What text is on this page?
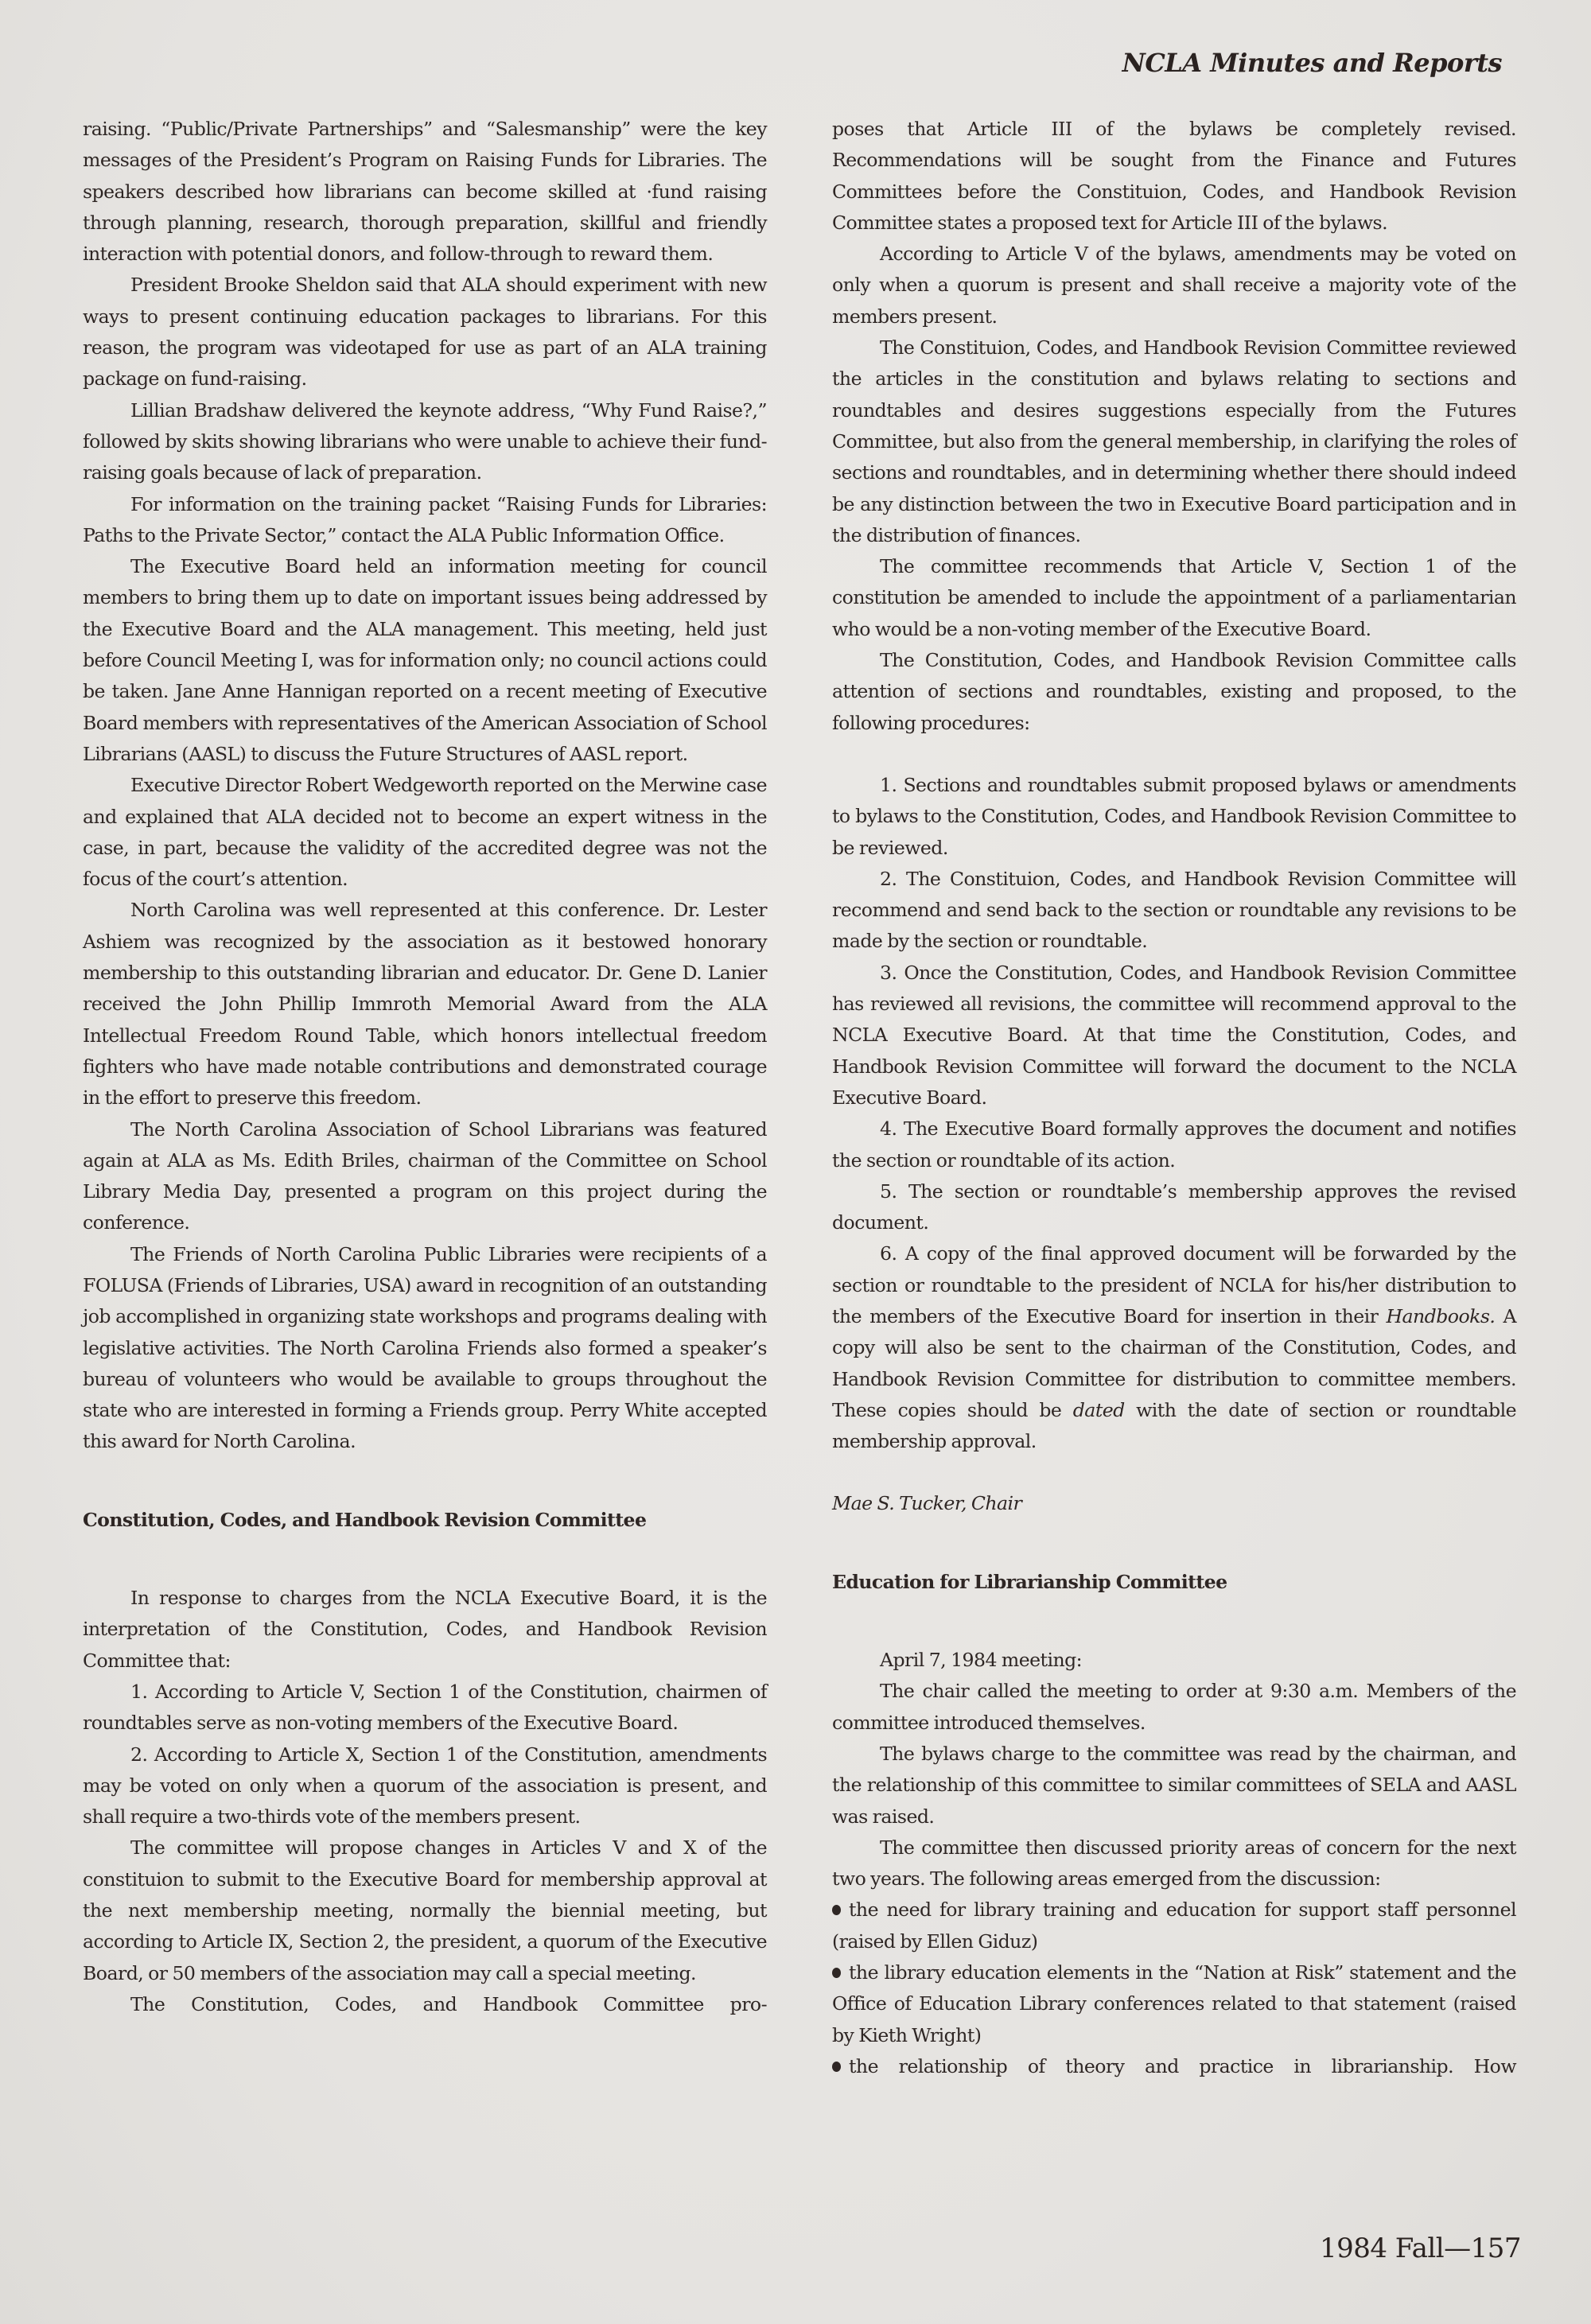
NCLA Minutes and Reports

raising. “Public/Private Partnerships” and “Salesmanship” were the key messages of the President’s Program on Raising Funds for Libraries. The speakers described how librarians can become skilled at ·fund raising through planning, research, thorough preparation, skillful and friendly interaction with potential donors, and follow-through to reward them.

President Brooke Sheldon said that ALA should experiment with new ways to present continuing education packages to librarians. For this reason, the program was videotaped for use as part of an ALA training package on fund-raising.

Lillian Bradshaw delivered the keynote address, “Why Fund Raise?,” followed by skits showing librarians who were unable to achieve their fund-raising goals because of lack of preparation.

For information on the training packet “Raising Funds for Libraries: Paths to the Private Sector,” contact the ALA Public Information Office.

The Executive Board held an information meeting for council members to bring them up to date on important issues being addressed by the Executive Board and the ALA management. This meeting, held just before Council Meeting I, was for information only; no council actions could be taken. Jane Anne Hannigan reported on a recent meeting of Executive Board members with representatives of the American Association of School Librarians (AASL) to discuss the Future Structures of AASL report.

Executive Director Robert Wedgeworth reported on the Merwine case and explained that ALA decided not to become an expert witness in the case, in part, because the validity of the accredited degree was not the focus of the court’s attention.

North Carolina was well represented at this conference. Dr. Lester Ashiem was recognized by the association as it bestowed honorary membership to this outstanding librarian and educator. Dr. Gene D. Lanier received the John Phillip Immroth Memorial Award from the ALA Intellectual Freedom Round Table, which honors intellectual freedom fighters who have made notable contributions and demonstrated courage in the effort to preserve this freedom.

The North Carolina Association of School Librarians was featured again at ALA as Ms. Edith Briles, chairman of the Committee on School Library Media Day, presented a program on this project during the conference.

The Friends of North Carolina Public Libraries were recipients of a FOLUSA (Friends of Libraries, USA) award in recognition of an outstanding job accomplished in organizing state workshops and programs dealing with legislative activities. The North Carolina Friends also formed a speaker’s bureau of volunteers who would be available to groups throughout the state who are interested in forming a Friends group. Perry White accepted this award for North Carolina.

Constitution, Codes, and Handbook Revision Committee

In response to charges from the NCLA Executive Board, it is the interpretation of the Constitution, Codes, and Handbook Revision Committee that:

1. According to Article V, Section 1 of the Constitution, chairmen of roundtables serve as non-voting members of the Executive Board.

2. According to Article X, Section 1 of the Constitution, amendments may be voted on only when a quorum of the association is present, and shall require a two-thirds vote of the members present.

The committee will propose changes in Articles V and X of the constituion to submit to the Executive Board for membership approval at the next membership meeting, normally the biennial meeting, but according to Article IX, Section 2, the president, a quorum of the Executive Board, or 50 members of the association may call a special meeting.

The Constitution, Codes, and Handbook Committee pro-

poses that Article III of the bylaws be completely revised. Recommendations will be sought from the Finance and Futures Committees before the Constituion, Codes, and Handbook Revision Committee states a proposed text for Article III of the bylaws.

According to Article V of the bylaws, amendments may be voted on only when a quorum is present and shall receive a majority vote of the members present.

The Constituion, Codes, and Handbook Revision Committee reviewed the articles in the constitution and bylaws relating to sections and roundtables and desires suggestions especially from the Futures Committee, but also from the general membership, in clarifying the roles of sections and roundtables, and in determining whether there should indeed be any distinction between the two in Executive Board participation and in the distribution of finances.

The committee recommends that Article V, Section 1 of the constitution be amended to include the appointment of a parliamentarian who would be a non-voting member of the Executive Board.

The Constitution, Codes, and Handbook Revision Committee calls attention of sections and roundtables, existing and proposed, to the following procedures:

1. Sections and roundtables submit proposed bylaws or amendments to bylaws to the Constitution, Codes, and Handbook Revision Committee to be reviewed.

2. The Constituion, Codes, and Handbook Revision Committee will recommend and send back to the section or roundtable any revisions to be made by the section or roundtable.

3. Once the Constitution, Codes, and Handbook Revision Committee has reviewed all revisions, the committee will recommend approval to the NCLA Executive Board. At that time the Constitution, Codes, and Handbook Revision Committee will forward the document to the NCLA Executive Board.

4. The Executive Board formally approves the document and notifies the section or roundtable of its action.

5. The section or roundtable’s membership approves the revised document.

6. A copy of the final approved document will be forwarded by the section or roundtable to the president of NCLA for his/her distribution to the members of the Executive Board for insertion in their Handbooks. A copy will also be sent to the chairman of the Constitution, Codes, and Handbook Revision Committee for distribution to committee members. These copies should be dated with the date of section or roundtable membership approval.

Mae S. Tucker, Chair

Education for Librarianship Committee

April 7, 1984 meeting:

The chair called the meeting to order at 9:30 a.m. Members of the committee introduced themselves.

The bylaws charge to the committee was read by the chairman, and the relationship of this committee to similar committees of SELA and AASL was raised.

The committee then discussed priority areas of concern for the next two years. The following areas emerged from the discussion:

the need for library training and education for support staff personnel (raised by Ellen Giduz)

the library education elements in the “Nation at Risk” statement and the Office of Education Library conferences related to that statement (raised by Kieth Wright)

the relationship of theory and practice in librarianship. How

1984 Fall—157
